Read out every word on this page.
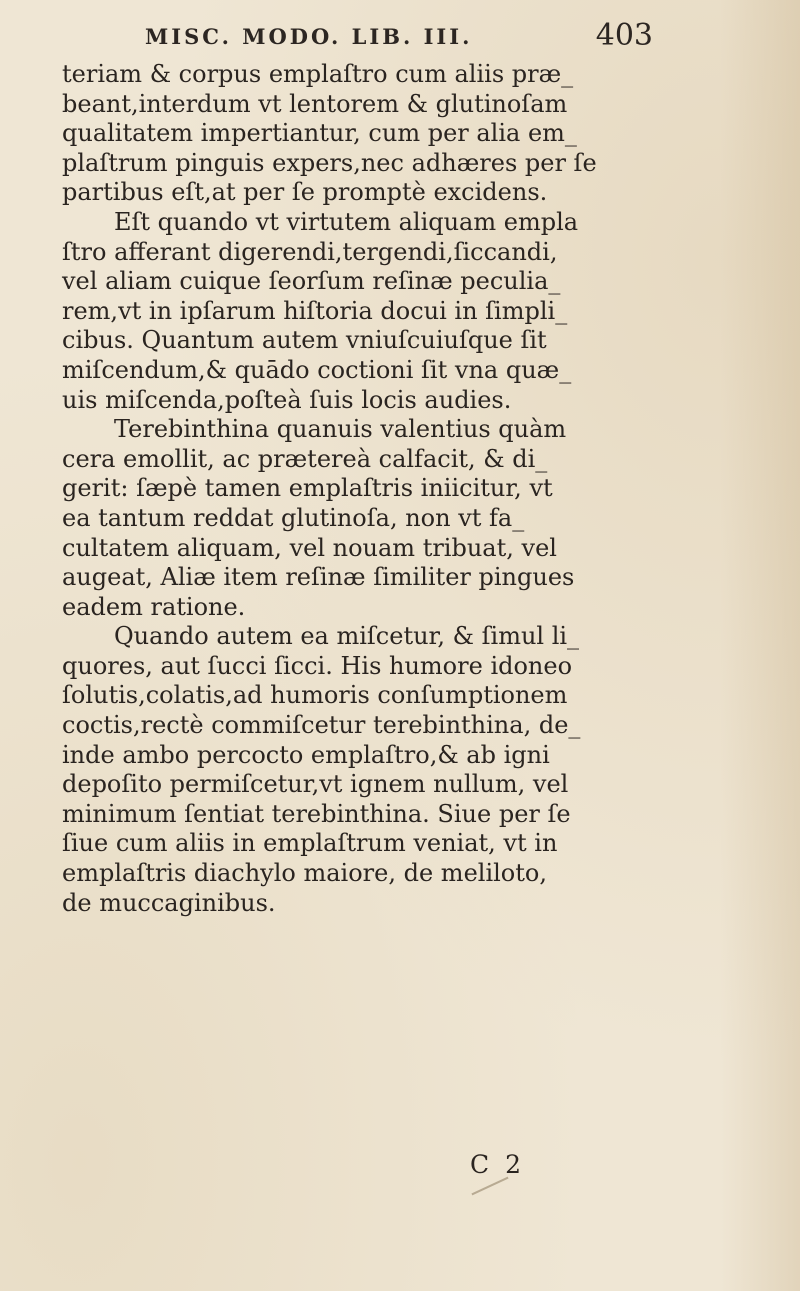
MISC. MODO. LIB. III.	403
teriam & corpus emplaſtro cum aliis præ_
beant,interdum vt lentorem & glutinoſam
qualitatem impertiantur, cum per alia em_
plaſtrum pinguis expers,nec adhæres per ſe
partibus eſt,at per ſe promptè excidens.
Eſt quando vt virtutem aliquam empla
ſtro afferant digerendi,tergendi,ſiccandi,
vel aliam cuique ſeorſum reſinæ peculia_
rem,vt in ipſarum hiſtoria docui in ſimpli_
cibus. Quantum autem vniuſcuiuſque ſit
miſcendum,& quādo coctioni ſit vna quæ_
uis miſcenda,poſteà ſuis locis audies.
Terebinthina quanuis valentius quàm
cera emollit, ac prætereà calfacit, & di_
gerit: ſæpè tamen emplaſtris iniicitur, vt
ea tantum reddat glutinoſa, non vt fa_
cultatem aliquam, vel nouam tribuat, vel
augeat, Aliæ item reſinæ ſimiliter pingues
eadem ratione.
Quando autem ea miſcetur, & ſimul li_
quores, aut ſucci ſicci. His humore idoneo
ſolutis,colatis,ad humoris conſumptionem
coctis,rectè commiſcetur terebinthina, de_
inde ambo percocto emplaſtro,& ab igni
depoſito permiſcetur,vt ignem nullum, vel
minimum ſentiat terebinthina. Siue per ſe
ſiue cum aliis in emplaſtrum veniat, vt in
emplaſtris diachylo maiore, de meliloto,
de muccaginibus.
C 2
